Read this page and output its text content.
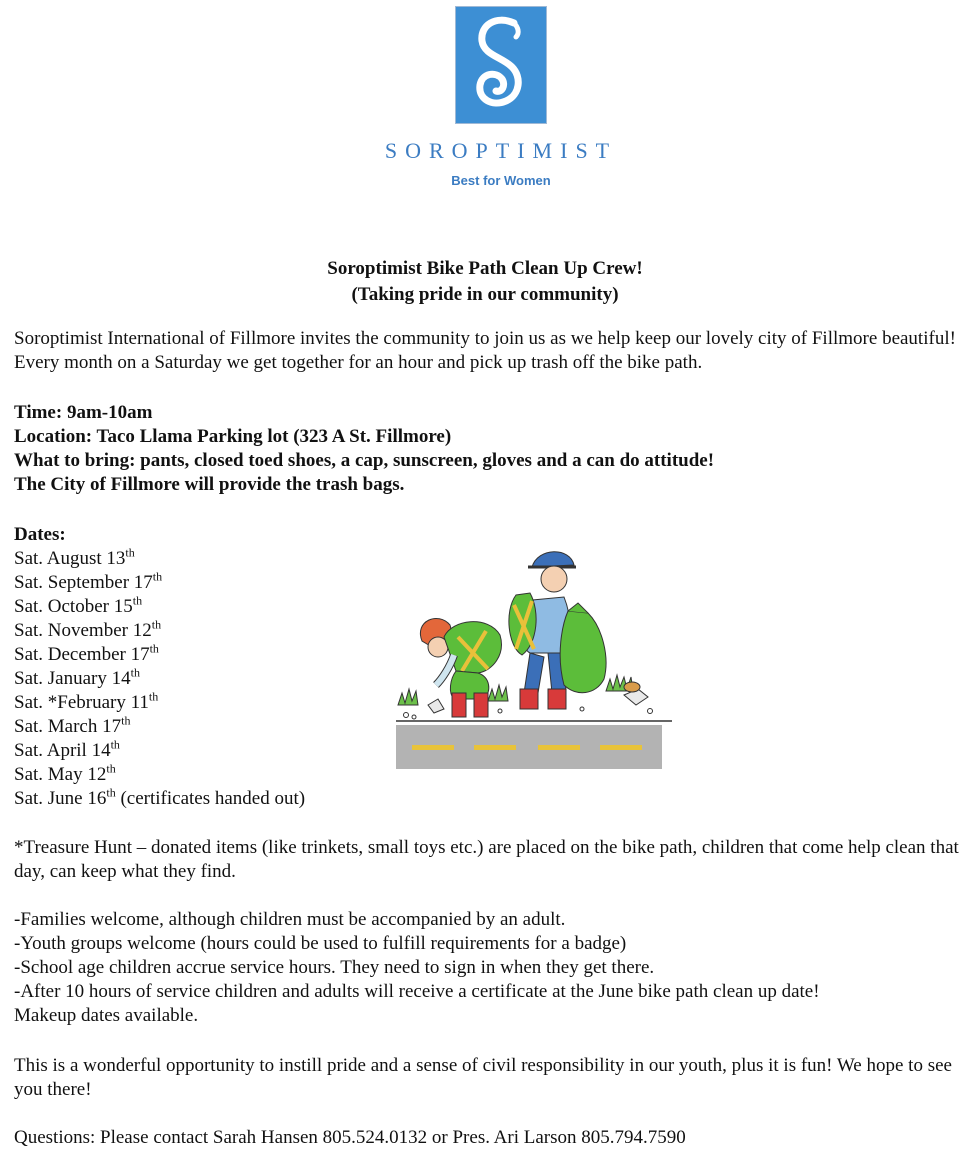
SOROPTIMIST
Best for Women
Soroptimist Bike Path Clean Up Crew!
(Taking pride in our community)
Soroptimist International of Fillmore invites the community to join us as we help keep our lovely city of Fillmore beautiful! Every month on a Saturday we get together for an hour and pick up trash off the bike path.
Time: 9am-10am
Location: Taco Llama Parking lot (323 A St. Fillmore)
What to bring: pants, closed toed shoes, a cap, sunscreen, gloves and a can do attitude!
The City of Fillmore will provide the trash bags.
Dates:
Sat. August 13th
Sat. September 17th
Sat. October 15th
Sat. November 12th
Sat. December 17th
Sat. January 14th
Sat. *February 11th
Sat. March 17th
Sat. April 14th
Sat. May 12th
Sat. June 16th (certificates handed out)
*Treasure Hunt – donated items (like trinkets, small toys etc.) are placed on the bike path, children that come help clean that day, can keep what they find.
-Families welcome, although children must be accompanied by an adult.
-Youth groups welcome (hours could be used to fulfill requirements for a badge)
-School age children accrue service hours. They need to sign in when they get there.
-After 10 hours of service children and adults will receive a certificate at the June bike path clean up date!
Makeup dates available.
This is a wonderful opportunity to instill pride and a sense of civil responsibility in our youth, plus it is fun! We hope to see you there!
Questions: Please contact Sarah Hansen 805.524.0132 or Pres. Ari Larson 805.794.7590
